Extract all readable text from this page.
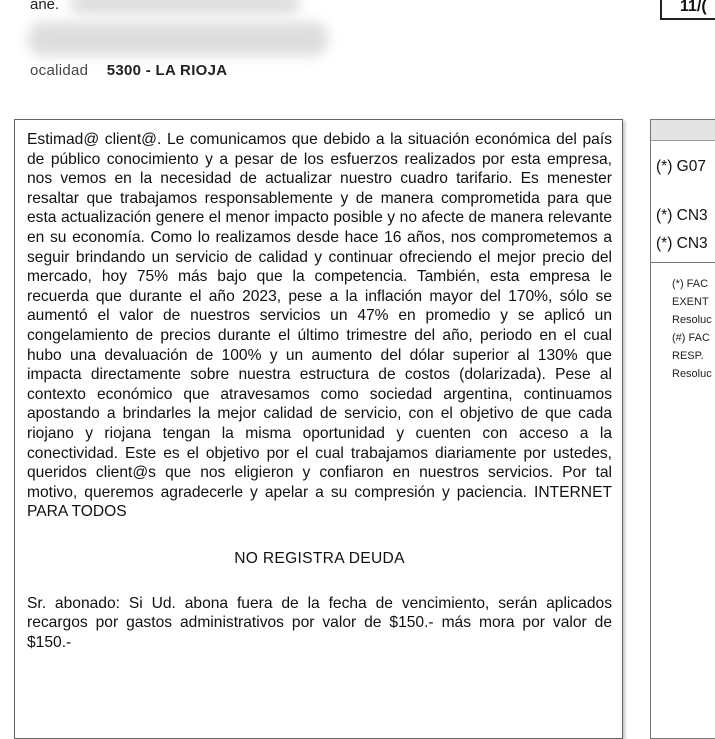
ane.
ocalidad 5300 - LA RIOJA
11/(

Estimad@ client@. Le comunicamos que debido a la situación económica del país de público conocimiento y a pesar de los esfuerzos realizados por esta empresa, nos vemos en la necesidad de actualizar nuestro cuadro tarifario. Es menester resaltar que trabajamos responsablemente y de manera comprometida para que esta actualización genere el menor impacto posible y no afecte de manera relevante en su economía. Como lo realizamos desde hace 16 años, nos comprometemos a seguir brindando un servicio de calidad y continuar ofreciendo el mejor precio del mercado, hoy 75% más bajo que la competencia. También, esta empresa le recuerda que durante el año 2023, pese a la inflación mayor del 170%, sólo se aumentó el valor de nuestros servicios un 47% en promedio y se aplicó un congelamiento de precios durante el último trimestre del año, periodo en el cual hubo una devaluación de 100% y un aumento del dólar superior al 130% que impacta directamente sobre nuestra estructura de costos (dolarizada). Pese al contexto económico que atravesamos como sociedad argentina, continuamos apostando a brindarles la mejor calidad de servicio, con el objetivo de que cada riojano y riojana tengan la misma oportunidad y cuenten con acceso a la conectividad. Este es el objetivo por el cual trabajamos diariamente por ustedes, queridos client@s que nos eligieron y confiaron en nuestros servicios. Por tal motivo, queremos agradecerle y apelar a su compresión y paciencia. INTERNET PARA TODOS

NO REGISTRA DEUDA

Sr. abonado: Si Ud. abona fuera de la fecha de vencimiento, serán aplicados recargos por gastos administrativos por valor de $150.- más mora por valor de $150.-

(*) G07
(*) CN3
(*) CN3
(*) FAC
EXENT
Resoluc
(#) FAC
RESP.
Resoluc
